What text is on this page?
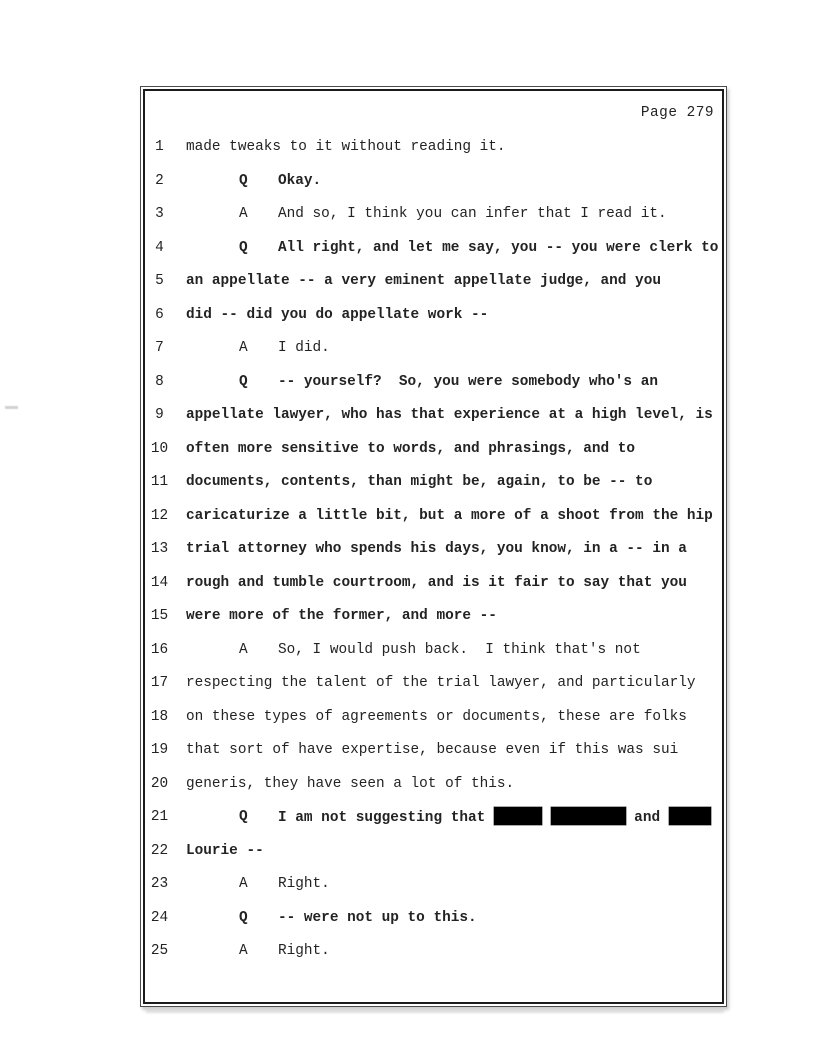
Page 279
1	made tweaks to it without reading it.
2	Q Okay.
3	A And so, I think you can infer that I read it.
4	Q All right, and let me say, you -- you were clerk to
5	an appellate -- a very eminent appellate judge, and you
6	did -- did you do appellate work --
7	A I did.
8	Q -- yourself?  So, you were somebody who's an
9	appellate lawyer, who has that experience at a high level, is
10 often more sensitive to words, and phrasings, and to
11 documents, contents, than might be, again, to be -- to
12 caricaturize a little bit, but a more of a shoot from the hip
13 trial attorney who spends his days, you know, in a -- in a
14 rough and tumble courtroom, and is it fair to say that you
15 were more of the former, and more --
16	A So, I would push back.  I think that's not
17 respecting the talent of the trial lawyer, and particularly
18 on these types of agreements or documents, these are folks
19 that sort of have expertise, because even if this was sui
20 generis, they have seen a lot of this.
21	Q I am not suggesting that	and
22 Lourie --
23	A Right.
24	Q -- were not up to this.
25	A Right.
